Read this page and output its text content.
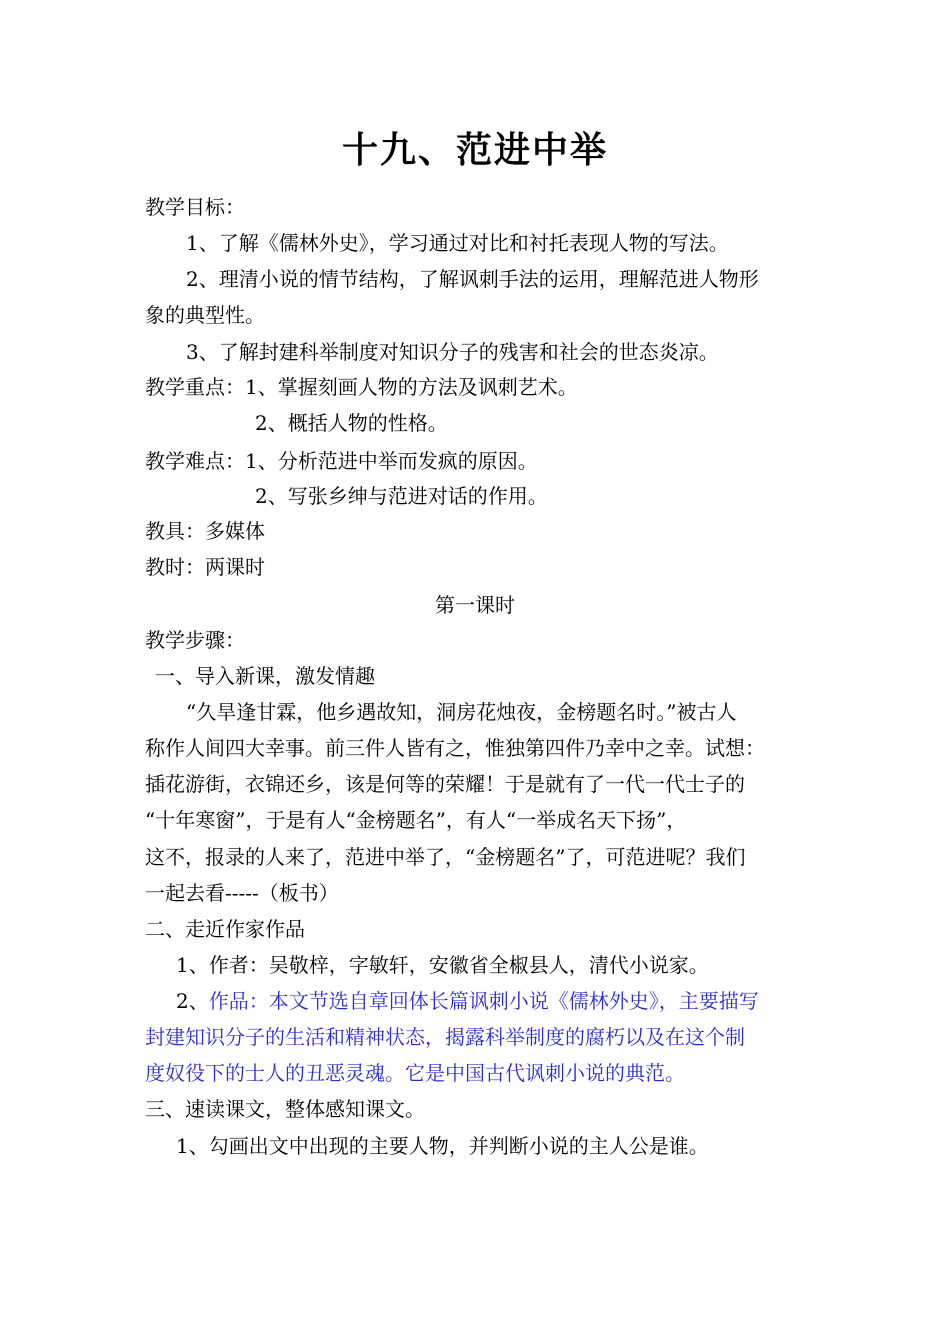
十九、范进中举
教学目标：
1、了解《儒林外史》，学习通过对比和衬托表现人物的写法。
2、理清小说的情节结构，了解讽刺手法的运用，理解范进人物形
象的典型性。
3、了解封建科举制度对知识分子的残害和社会的世态炎凉。
教学重点：1、掌握刻画人物的方法及讽刺艺术。
2、概括人物的性格。
教学难点：1、分析范进中举而发疯的原因。
2、写张乡绅与范进对话的作用。
教具：多媒体
教时：两课时
第一课时
教学步骤：
一、导入新课，激发情趣
“久旱逢甘霖，他乡遇故知，洞房花烛夜，金榜题名时。”被古人
称作人间四大幸事。前三件人皆有之，惟独第四件乃幸中之幸。试想：
插花游街，衣锦还乡，该是何等的荣耀！于是就有了一代一代士子的
“十年寒窗”，于是有人“金榜题名”，有人“一举成名天下扬”，
这不，报录的人来了，范进中举了，“金榜题名”了，可范进呢？我们
一起去看-----（板书）
二、走近作家作品
1、作者：吴敬梓，字敏轩，安徽省全椒县人，清代小说家。
2、作品：本文节选自章回体长篇讽刺小说《儒林外史》，主要描写
封建知识分子的生活和精神状态，揭露科举制度的腐朽以及在这个制
度奴役下的士人的丑恶灵魂。它是中国古代讽刺小说的典范。
三、速读课文，整体感知课文。
1、勾画出文中出现的主要人物，并判断小说的主人公是谁。
